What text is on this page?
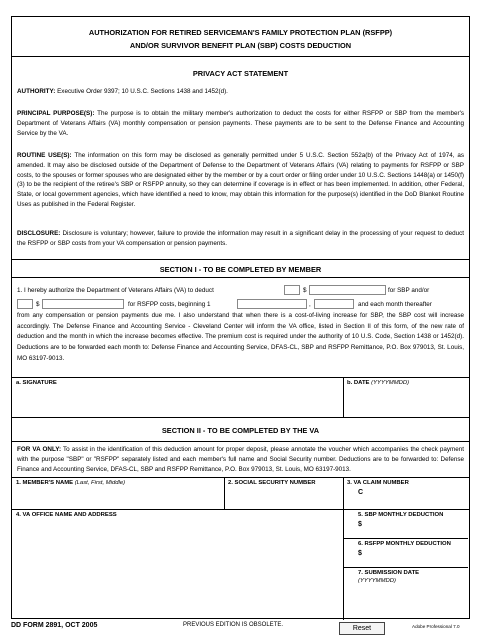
AUTHORIZATION FOR RETIRED SERVICEMAN'S FAMILY PROTECTION PLAN (RSFPP)
AND/OR SURVIVOR BENEFIT PLAN (SBP) COSTS DEDUCTION
PRIVACY ACT STATEMENT
AUTHORITY: Executive Order 9397; 10 U.S.C. Sections 1438 and 1452(d).
PRINCIPAL PURPOSE(S): The purpose is to obtain the military member's authorization to deduct the costs for either RSFPP or SBP from the member's Department of Veterans Affairs (VA) monthly compensation or pension payments. These payments are to be sent to the Defense Finance and Accounting Service by the VA.
ROUTINE USE(S): The information on this form may be disclosed as generally permitted under 5 U.S.C. Section 552a(b) of the Privacy Act of 1974, as amended. It may also be disclosed outside of the Department of Defense to the Department of Veterans Affairs (VA) relating to payments for RSFPP or SBP costs, to the spouses or former spouses who are designated either by the member or by a court order or filing order under 10 U.S.C. Sections 1448(a) or 1450(f)(3) to be the recipient of the retiree's SBP or RSFPP annuity, so they can determine if coverage is in effect or has been implemented. In addition, other Federal, State, or local government agencies, which have identified a need to know, may obtain this information for the purpose(s) identified in the DoD Blanket Routine Uses as published in the Federal Register.
DISCLOSURE: Disclosure is voluntary; however, failure to provide the information may result in a significant delay in the processing of your request to deduct the RSFPP or SBP costs from your VA compensation or pension payments.
SECTION I - TO BE COMPLETED BY MEMBER
1. I hereby authorize the Department of Veterans Affairs (VA) to deduct	$	for SBP and/or
$	for RSFPP costs, beginning 1	,	and each month thereafter
from any compensation or pension payments due me. I also understand that when there is a cost-of-living increase for SBP, the SBP cost will increase accordingly. The Defense Finance and Accounting Service - Cleveland Center will inform the VA office, listed in Section II of this form, of the new rate of deduction and the month in which the increase becomes effective. The premium cost is required under the authority of 10 U.S. Code, Section 1438 or 1452(d). Deductions are to be forwarded each month to: Defense Finance and Accounting Service, DFAS-CL, SBP and RSFPP Remittance, P.O. Box 979013, St. Louis, MO 63197-9013.
a. SIGNATURE	b. DATE (YYYYMMDD)
SECTION II - TO BE COMPLETED BY THE VA
FOR VA ONLY: To assist in the identification of this deduction amount for proper deposit, please annotate the voucher which accompanies the check payment with the purpose "SBP" or "RSFPP" separately listed and each member's full name and Social Security number. Deductions are to be forwarded to: Defense Finance and Accounting Service, DFAS-CL, SBP and RSFPP Remittance, P.O. Box 979013, St. Louis, MO 63197-9013.
1. MEMBER'S NAME (Last, First, Middle)	2. SOCIAL SECURITY NUMBER	3. VA CLAIM NUMBER
C
4. VA OFFICE NAME AND ADDRESS	5. SBP MONTHLY DEDUCTION
$
6. RSFPP MONTHLY DEDUCTION
$
7. SUBMISSION DATE
(YYYYMMDD)
DD FORM 2891, OCT 2005	PREVIOUS EDITION IS OBSOLETE.	Reset	Adobe Professional 7.0
